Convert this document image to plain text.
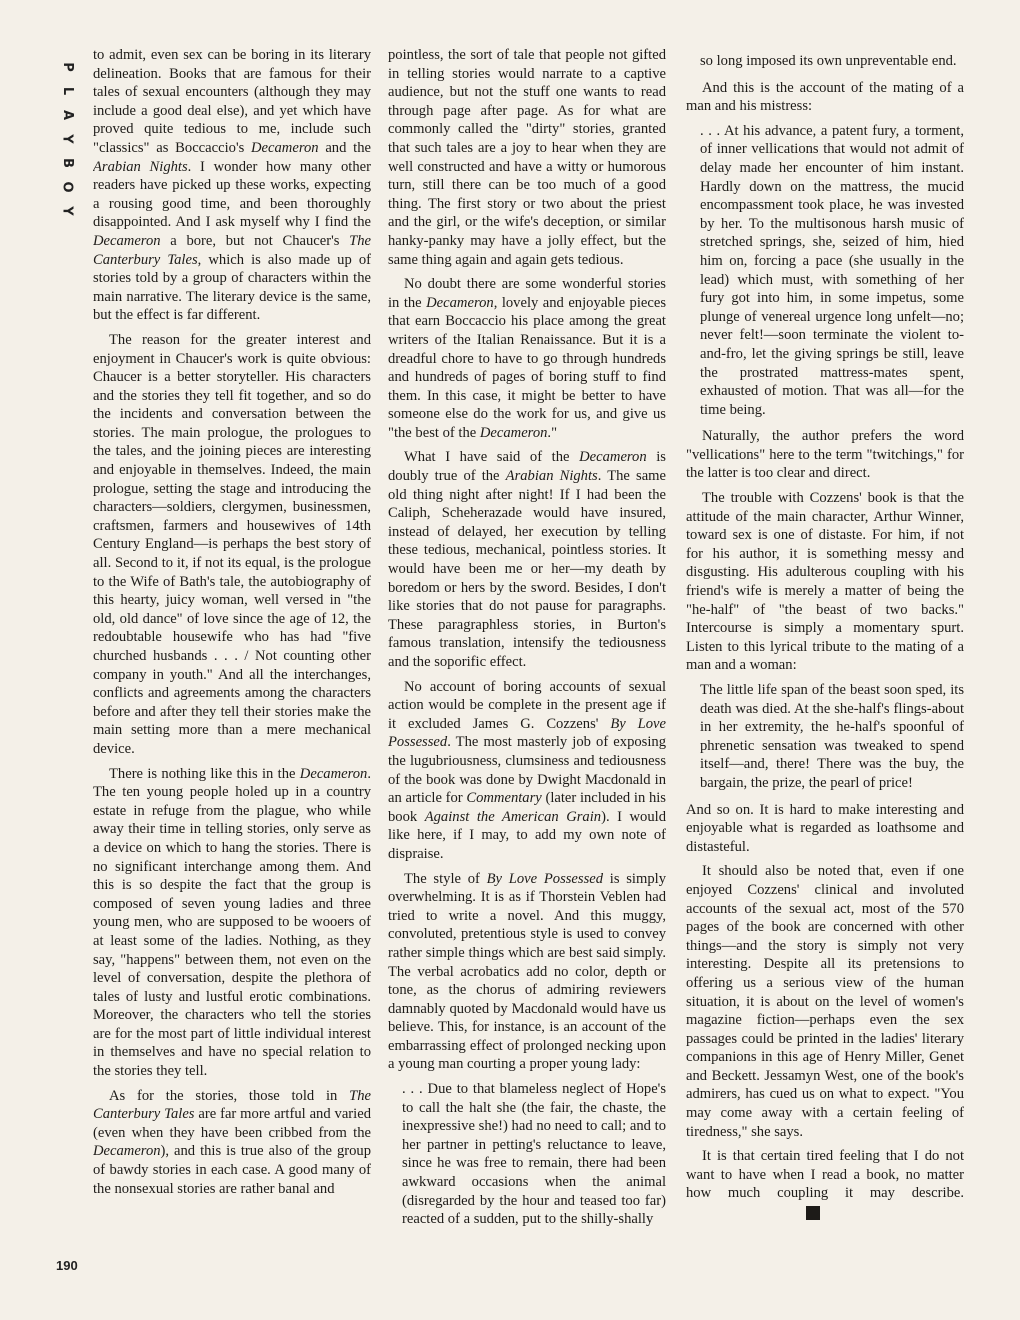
P
L
A
Y
B
O
Y
190

to admit, even sex can be boring in its literary delineation. Books that are famous for their tales of sexual encounters (although they may include a good deal else), and yet which have proved quite tedious to me, include such "classics" as Boccaccio's Decameron and the Arabian Nights. I wonder how many other readers have picked up these works, expecting a rousing good time, and been thoroughly disappointed. And I ask myself why I find the Decameron a bore, but not Chaucer's The Canterbury Tales, which is also made up of stories told by a group of characters within the main narrative. The literary device is the same, but the effect is far different.

The reason for the greater interest and enjoyment in Chaucer's work is quite obvious: Chaucer is a better storyteller. His characters and the stories they tell fit together, and so do the incidents and conversation between the stories. The main prologue, the prologues to the tales, and the joining pieces are interesting and enjoyable in themselves. Indeed, the main prologue, setting the stage and introducing the characters—soldiers, clergymen, businessmen, craftsmen, farmers and housewives of 14th Century England—is perhaps the best story of all. Second to it, if not its equal, is the prologue to the Wife of Bath's tale, the autobiography of this hearty, juicy woman, well versed in "the old, old dance" of love since the age of 12, the redoubtable housewife who has had "five churched husbands . . . / Not counting other company in youth." And all the interchanges, conflicts and agreements among the characters before and after they tell their stories make the main setting more than a mere mechanical device.

There is nothing like this in the Decameron. The ten young people holed up in a country estate in refuge from the plague, who while away their time in telling stories, only serve as a device on which to hang the stories. There is no significant interchange among them. And this is so despite the fact that the group is composed of seven young ladies and three young men, who are supposed to be wooers of at least some of the ladies. Nothing, as they say, "happens" between them, not even on the level of conversation, despite the plethora of tales of lusty and lustful erotic combinations. Moreover, the characters who tell the stories are for the most part of little individual interest in themselves and have no special relation to the stories they tell.

As for the stories, those told in The Canterbury Tales are far more artful and varied (even when they have been cribbed from the Decameron), and this is true also of the group of bawdy stories in each case. A good many of the nonsexual stories are rather banal and

pointless, the sort of tale that people not gifted in telling stories would narrate to a captive audience, but not the stuff one wants to read through page after page. As for what are commonly called the "dirty" stories, granted that such tales are a joy to hear when they are well constructed and have a witty or humorous turn, still there can be too much of a good thing. The first story or two about the priest and the girl, or the wife's deception, or similar hanky-panky may have a jolly effect, but the same thing again and again gets tedious.

No doubt there are some wonderful stories in the Decameron, lovely and enjoyable pieces that earn Boccaccio his place among the great writers of the Italian Renaissance. But it is a dreadful chore to have to go through hundreds and hundreds of pages of boring stuff to find them. In this case, it might be better to have someone else do the work for us, and give us "the best of the Decameron."

What I have said of the Decameron is doubly true of the Arabian Nights. The same old thing night after night! If I had been the Caliph, Scheherazade would have insured, instead of delayed, her execution by telling these tedious, mechanical, pointless stories. It would have been me or her—my death by boredom or hers by the sword. Besides, I don't like stories that do not pause for paragraphs. These paragraphless stories, in Burton's famous translation, intensify the tediousness and the soporific effect.

No account of boring accounts of sexual action would be complete in the present age if it excluded James G. Cozzens' By Love Possessed. The most masterly job of exposing the lugubriousness, clumsiness and tediousness of the book was done by Dwight Macdonald in an article for Commentary (later included in his book Against the American Grain). I would like here, if I may, to add my own note of dispraise.

The style of By Love Possessed is simply overwhelming. It is as if Thorstein Veblen had tried to write a novel. And this muggy, convoluted, pretentious style is used to convey rather simple things which are best said simply. The verbal acrobatics add no color, depth or tone, as the chorus of admiring reviewers damnably quoted by Macdonald would have us believe. This, for instance, is an account of the embarrassing effect of prolonged necking upon a young man courting a proper young lady:

. . . Due to that blameless neglect of Hope's to call the halt she (the fair, the chaste, the inexpressive she!) had no need to call; and to her partner in petting's reluctance to leave, since he was free to remain, there had been awkward occasions when the animal (disregarded by the hour and teased too far) reacted of a sudden, put to the shilly-shally

so long imposed its own unpreventable end.

And this is the account of the mating of a man and his mistress:

. . . At his advance, a patent fury, a torment, of inner vellications that would not admit of delay made her encounter of him instant. Hardly down on the mattress, the mucid encompassment took place, he was invested by her. To the multisonous harsh music of stretched springs, she, seized of him, hied him on, forcing a pace (she usually in the lead) which must, with something of her fury got into him, in some impetus, some plunge of venereal urgence long unfelt—no; never felt!—soon terminate the violent to-and-fro, let the giving springs be still, leave the prostrated mattress-mates spent, exhausted of motion. That was all—for the time being.

Naturally, the author prefers the word "vellications" here to the term "twitchings," for the latter is too clear and direct.

The trouble with Cozzens' book is that the attitude of the main character, Arthur Winner, toward sex is one of distaste. For him, if not for his author, it is something messy and disgusting. His adulterous coupling with his friend's wife is merely a matter of being the "he-half" of "the beast of two backs." Intercourse is simply a momentary spurt. Listen to this lyrical tribute to the mating of a man and a woman:

The little life span of the beast soon sped, its death was died. At the she-half's flings-about in her extremity, the he-half's spoonful of phrenetic sensation was tweaked to spend itself—and, there! There was the buy, the bargain, the prize, the pearl of price!

And so on. It is hard to make interesting and enjoyable what is regarded as loathsome and distasteful.

It should also be noted that, even if one enjoyed Cozzens' clinical and involuted accounts of the sexual act, most of the 570 pages of the book are concerned with other things—and the story is simply not very interesting. Despite all its pretensions to offering us a serious view of the human situation, it is about on the level of women's magazine fiction—perhaps even the sex passages could be printed in the ladies' literary companions in this age of Henry Miller, Genet and Beckett. Jessamyn West, one of the book's admirers, has cued us on what to expect. "You may come away with a certain feeling of tiredness," she says.

It is that certain tired feeling that I do not want to have when I read a book, no matter how much coupling it may describe.♦
